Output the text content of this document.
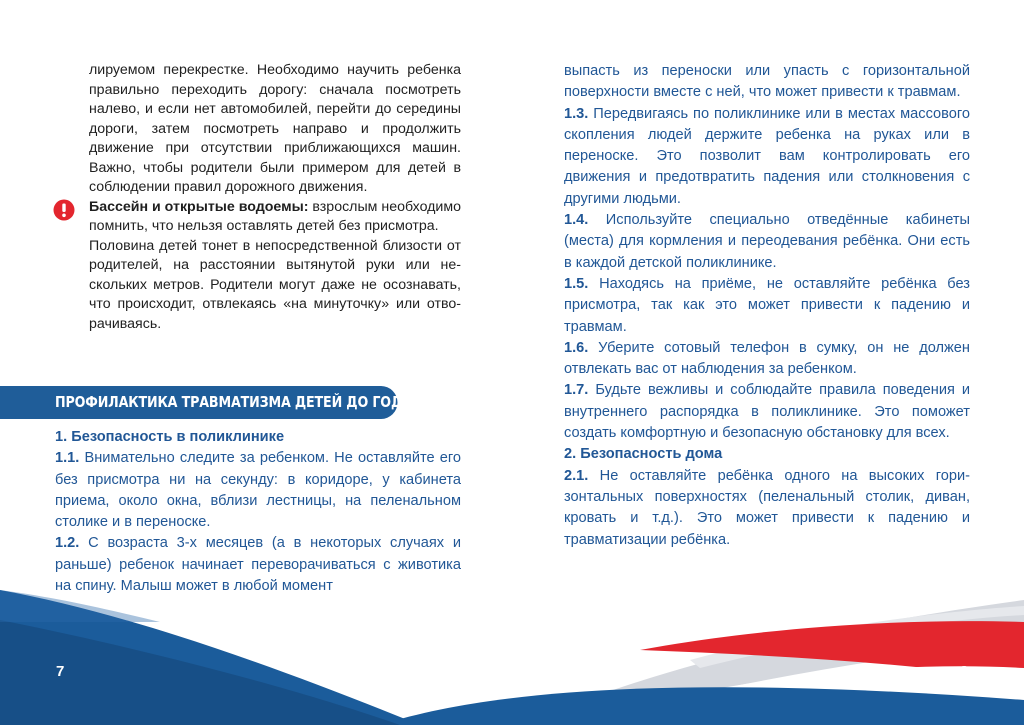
лируемом перекрестке. Необходимо научить ребенка правильно переходить дорогу: сначала посмотреть налево, и если нет автомобилей, перейти до середины дороги, затем посмотреть направо и продолжить движение при отсутствии приближающихся машин. Важно, чтобы родители были примером для детей в соблюдении правил дорожного движения.

Бассейн и открытые водоемы: взрослым необходимо помнить, что нельзя оставлять детей без присмотра.

Половина детей тонет в непосредственной близости от родителей, на расстоянии вытянутой руки или нескольких метров. Родители могут даже не осознавать, что происходит, отвлекаясь «на минуточку» или отворачиваясь.

ПРОФИЛАКТИКА ТРАВМАТИЗМА ДЕТЕЙ ДО ГОДА

1. Безопасность в поликлинике

1.1. Внимательно следите за ребенком. Не оставляйте его без присмотра ни на секунду: в коридоре, у кабинета приема, около окна, вблизи лестницы, на пеленальном столике и в переноске.

1.2. С возраста 3-х месяцев (а в некоторых случаях и раньше) ребенок начинает переворачиваться с животика на спину. Малыш может в любой момент

выпасть из переноски или упасть с горизонтальной поверхности вместе с ней, что может привести к травмам.

1.3. Передвигаясь по поликлинике или в местах массового скопления людей держите ребенка на руках или в переноске. Это позволит вам контролировать его движения и предотвратить падения или столкновения с другими людьми.

1.4. Используйте специально отведённые кабинеты (места) для кормления и переодевания ребёнка. Они есть в каждой детской поликлинике.

1.5. Находясь на приёме, не оставляйте ребёнка без присмотра, так как это может привести к падению и травмам.

1.6. Уберите сотовый телефон в сумку, он не должен отвлекать вас от наблюдения за ребенком.

1.7. Будьте вежливы и соблюдайте правила поведения и внутреннего распорядка в поликлинике. Это поможет создать комфортную и безопасную обстановку для всех.

2. Безопасность дома

2.1. Не оставляйте ребёнка одного на высоких горизонтальных поверхностях (пеленальный столик, диван, кровать и т.д.). Это может привести к падению и травматизации ребёнка.

7	8
